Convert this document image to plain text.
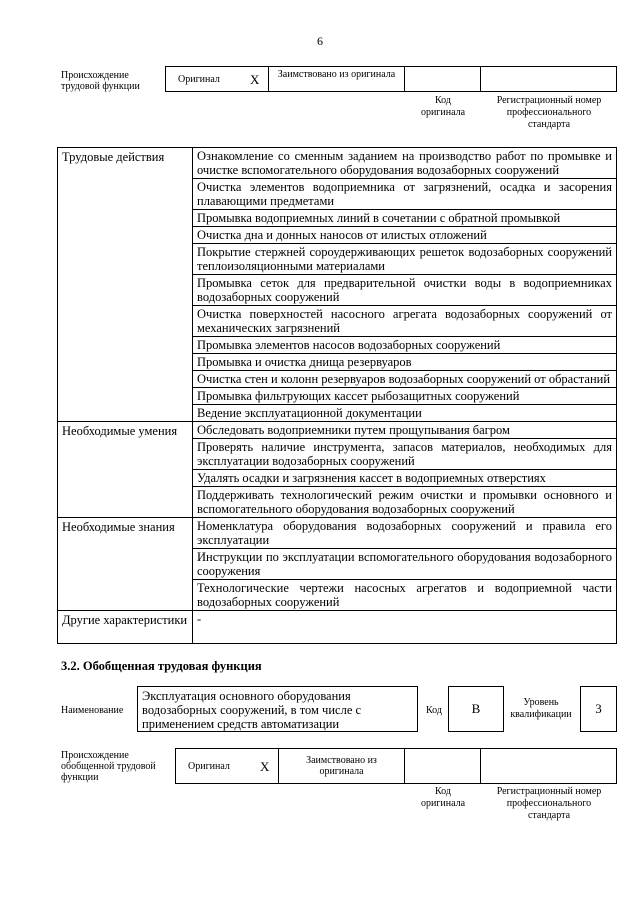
6
Происхождение трудовой функции
Оригинал X	Заимствовано из оригинала
Код оригинала
Регистрационный номер профессионального стандарта
Трудовые действия	Ознакомление со сменным заданием на производство работ по промывке и очистке вспомогательного оборудования водозаборных сооружений
	Очистка элементов водоприемника от загрязнений, осадка и засорения плавающими предметами
	Промывка водоприемных линий в сочетании с обратной промывкой
	Очистка дна и донных наносов от илистых отложений
	Покрытие стержней сороудерживающих решеток водозаборных сооружений теплоизоляционными материалами
	Промывка сеток для предварительной очистки воды в водоприемниках водозаборных сооружений
	Очистка поверхностей насосного агрегата водозаборных сооружений от механических загрязнений
	Промывка элементов насосов водозаборных сооружений
	Промывка и очистка днища резервуаров
	Очистка стен и колонн резервуаров водозаборных сооружений от обрастаний
	Промывка фильтрующих кассет рыбозащитных сооружений
	Ведение эксплуатационной документации
Необходимые умения	Обследовать водоприемники путем прощупывания багром
	Проверять наличие инструмента, запасов материалов, необходимых для эксплуатации водозаборных сооружений
	Удалять осадки и загрязнения кассет в водоприемных отверстиях
	Поддерживать технологический режим очистки и промывки основного и вспомогательного оборудования водозаборных сооружений
Необходимые знания	Номенклатура оборудования водозаборных сооружений и правила его эксплуатации
	Инструкции по эксплуатации вспомогательного оборудования водозаборного сооружения
	Технологические чертежи насосных агрегатов и водоприемной части водозаборных сооружений
Другие характеристики	-
3.2. Обобщенная трудовая функция
Наименование
Эксплуатация основного оборудования водозаборных сооружений, в том числе с применением средств автоматизации
Код	B	Уровень квалификации	3
Происхождение обобщенной трудовой функции
Оригинал X	Заимствовано из оригинала
Код оригинала
Регистрационный номер профессионального стандарта
